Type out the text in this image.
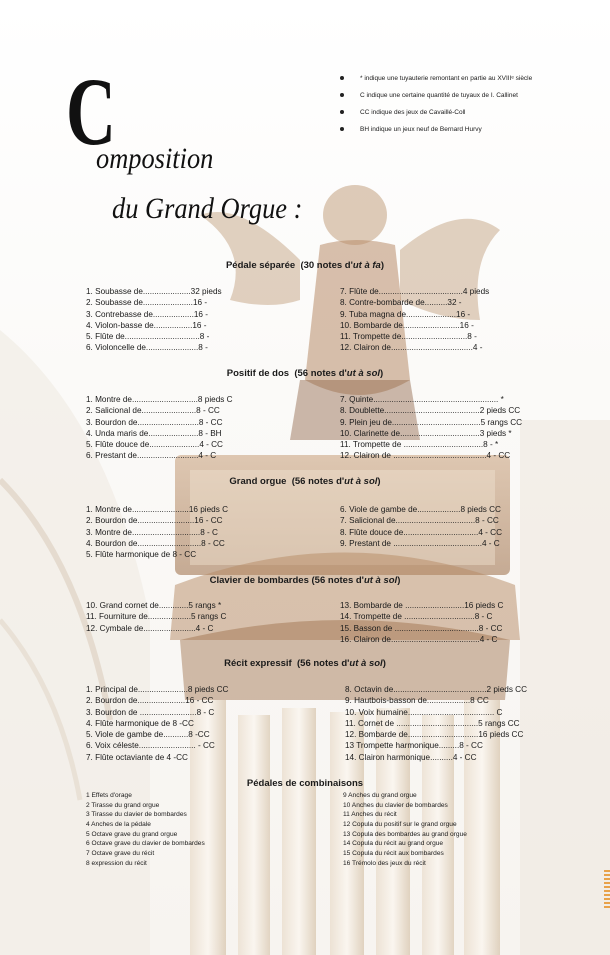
C
omposition
du Grand Orgue :
* indique une tuyauterie remontant en partie au XVIIIᵉ siècle
C indique une certaine quantité de tuyaux de I. Callinet
CC indique des jeux de Cavaillé-Coll
BH indique un jeux neuf de Bernard Hurvy
Pédale séparée (30 notes d'ut à fa)
1. Soubasse de.....................32 pieds
2. Soubasse de......................16 -
3. Contrebasse de..................16 -
4. Violon-basse de.................16 -
5. Flûte de.................................8 -
6. Violoncelle de.......................8 -
7. Flûte de.....................................4 pieds
8. Contre-bombarde de..........32 -
9. Tuba magna de......................16 -
10. Bombarde de.........................16 -
11. Trompette de.............................8 -
12. Clairon de....................................4 -
Positif de dos (56 notes d'ut à sol)
1. Montre de.............................8 pieds C
2. Salicional de........................8 - CC
3. Bourdon de...........................8 - CC
4. Unda maris de......................8 - BH
5. Flûte douce de......................4 - CC
6. Prestant de...........................4 - C
7. Quinte....................................................... *
8. Doublette..........................................2 pieds CC
9. Plein jeu de.......................................5 rangs CC
10. Clarinette de...................................3 pieds *
11. Trompette de ...................................8 - *
12. Clairon de .........................................4 - CC
Grand orgue (56 notes d'ut à sol)
1. Montre de.........................16 pieds C
2. Bourdon de.........................16 - CC
3. Montre de..............................8 - C
4. Bourdon de............................8 - CC
5. Flûte harmonique de 8 - CC
6. Viole de gambe de...................8 pieds CC
7. Salicional de...................................8 - CC
8. Flûte douce de.................................4 - CC
9. Prestant de .......................................4 - C
Clavier de bombardes (56 notes d'ut à sol)
10. Grand cornet de.............5 rangs *
11. Fourniture de...................5 rangs C
12. Cymbale de.......................4 - C
13. Bombarde de ..........................16 pieds C
14. Trompette de ...............................8 - C
15. Basson de .....................................8 - CC
16. Clairon de.......................................4 - C
Récit expressif (56 notes d'ut à sol)
1. Principal de......................8 pieds CC
2. Bourdon de.....................16 - CC
3. Bourdon de .........................8 - C
4. Flûte harmonique de 8 -CC
5. Viole de gambe de...........8 -CC
6. Voix céleste......................... - CC
7. Flûte octaviante de 4 -CC
8. Octavin de.........................................2 pieds CC
9. Hautbois-basson de...................8 CC
10. Voix humaine...................................... C
11. Cornet de ....................................5 rangs CC
12. Bombarde de...............................16 pieds CC
13 Trompette harmonique.........8 - CC
14. Clairon harmonique..........4 - CC
Pédales de combinaisons
1 Effets d'orage
2 Tirasse du grand orgue
3 Tirasse du clavier de bombardes
4 Anches de la pédale
5 Octave grave du grand orgue
6 Octave grave du clavier de bombardes
7 Octave grave du récit
8 expression du récit
9 Anches du grand orgue
10 Anches du clavier de bombardes
11 Anches du récit
12 Copula du positif sur le grand orgue
13 Copula des bombardes au grand orgue
14 Copula du récit au grand orgue
15 Copula du récit aux bombardes
16 Trémolo des jeux du récit
